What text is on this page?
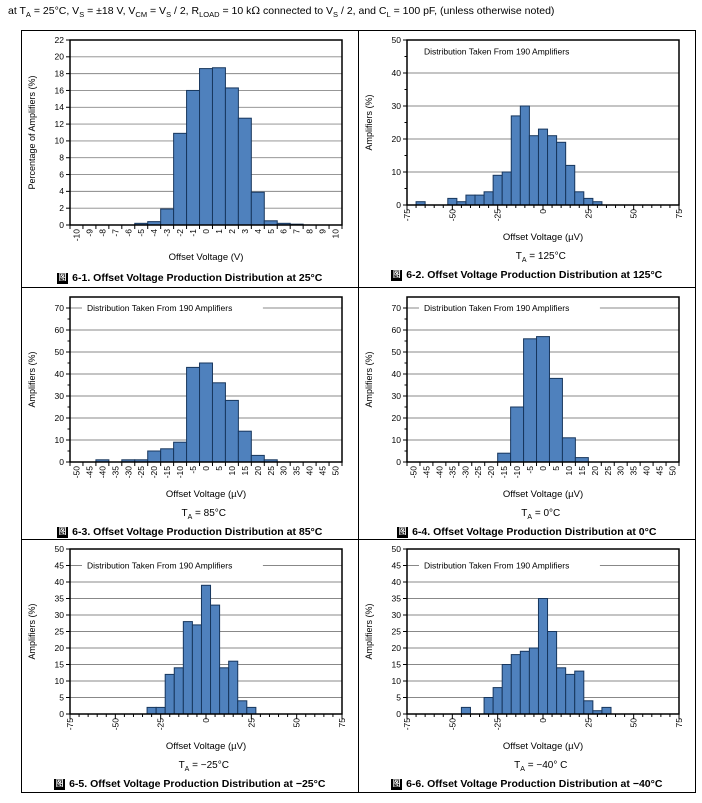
at $T_A = 25^\circ C$, $V_S = \pm 18$ V, $V_{CM} = V_S / 2$, $R_{LOAD} = 10$ kΩ connected to $V_S / 2$, and $C_L = 100$ pF, (unless otherwise noted)
0
2
4
6
8
10
12
14
16
18
20
22
-10 -9 -8 -7 -6 -5 -4 -3 -2 -1 0 1 2 3 4 5 6 7 8 9 10
Percentage of Amplifiers (%)
Offset Voltage (V)
图 6-1. Offset Voltage Production Distribution at 25°C
Distribution Taken From 190 Amplifiers
0
10
20
30
40
50
-75	-50	-25	0	25	50	75
Amplifiers (%)
Offset Voltage (µV)
$T_A = 125^\circ C$
图 6-2. Offset Voltage Production Distribution at 125°C
Distribution Taken From 190 Amplifiers
0
10
20
30
40
50
60
70
-50 -45 -40 -35 -30 -25 -20 -15 -10 -5 0 5 10 15 20 25 30 35 40 45 50
Amplifiers (%)
Offset Voltage (µV)
$T_A = 85^\circ C$
图 6-3. Offset Voltage Production Distribution at 85°C
Distribution Taken From 190 Amplifiers
0
10
20
30
40
50
60
70
-50 -45 -40 -35 -30 -25 -20 -15 -10 -5 0 5 10 15 20 25 30 35 40 45 50
Amplifiers (%)
Offset Voltage (µV)
$T_A = 0^\circ C$
图 6-4. Offset Voltage Production Distribution at 0°C
Distribution Taken From 190 Amplifiers
0
5
10
15
20
25
30
35
40
45
50
-75	-50	-25	0	25	50	75
Amplifiers (%)
Offset Voltage (µV)
$T_A = -25^\circ C$
图 6-5. Offset Voltage Production Distribution at −25°C
Distribution Taken From 190 Amplifiers
0
5
10
15
20
25
30
35
40
45
50
-75	-50	-25	0	25	50	75
Amplifiers (%)
Offset Voltage (µV)
$T_A = -40^\circ$ C
图 6-6. Offset Voltage Production Distribution at −40°C
